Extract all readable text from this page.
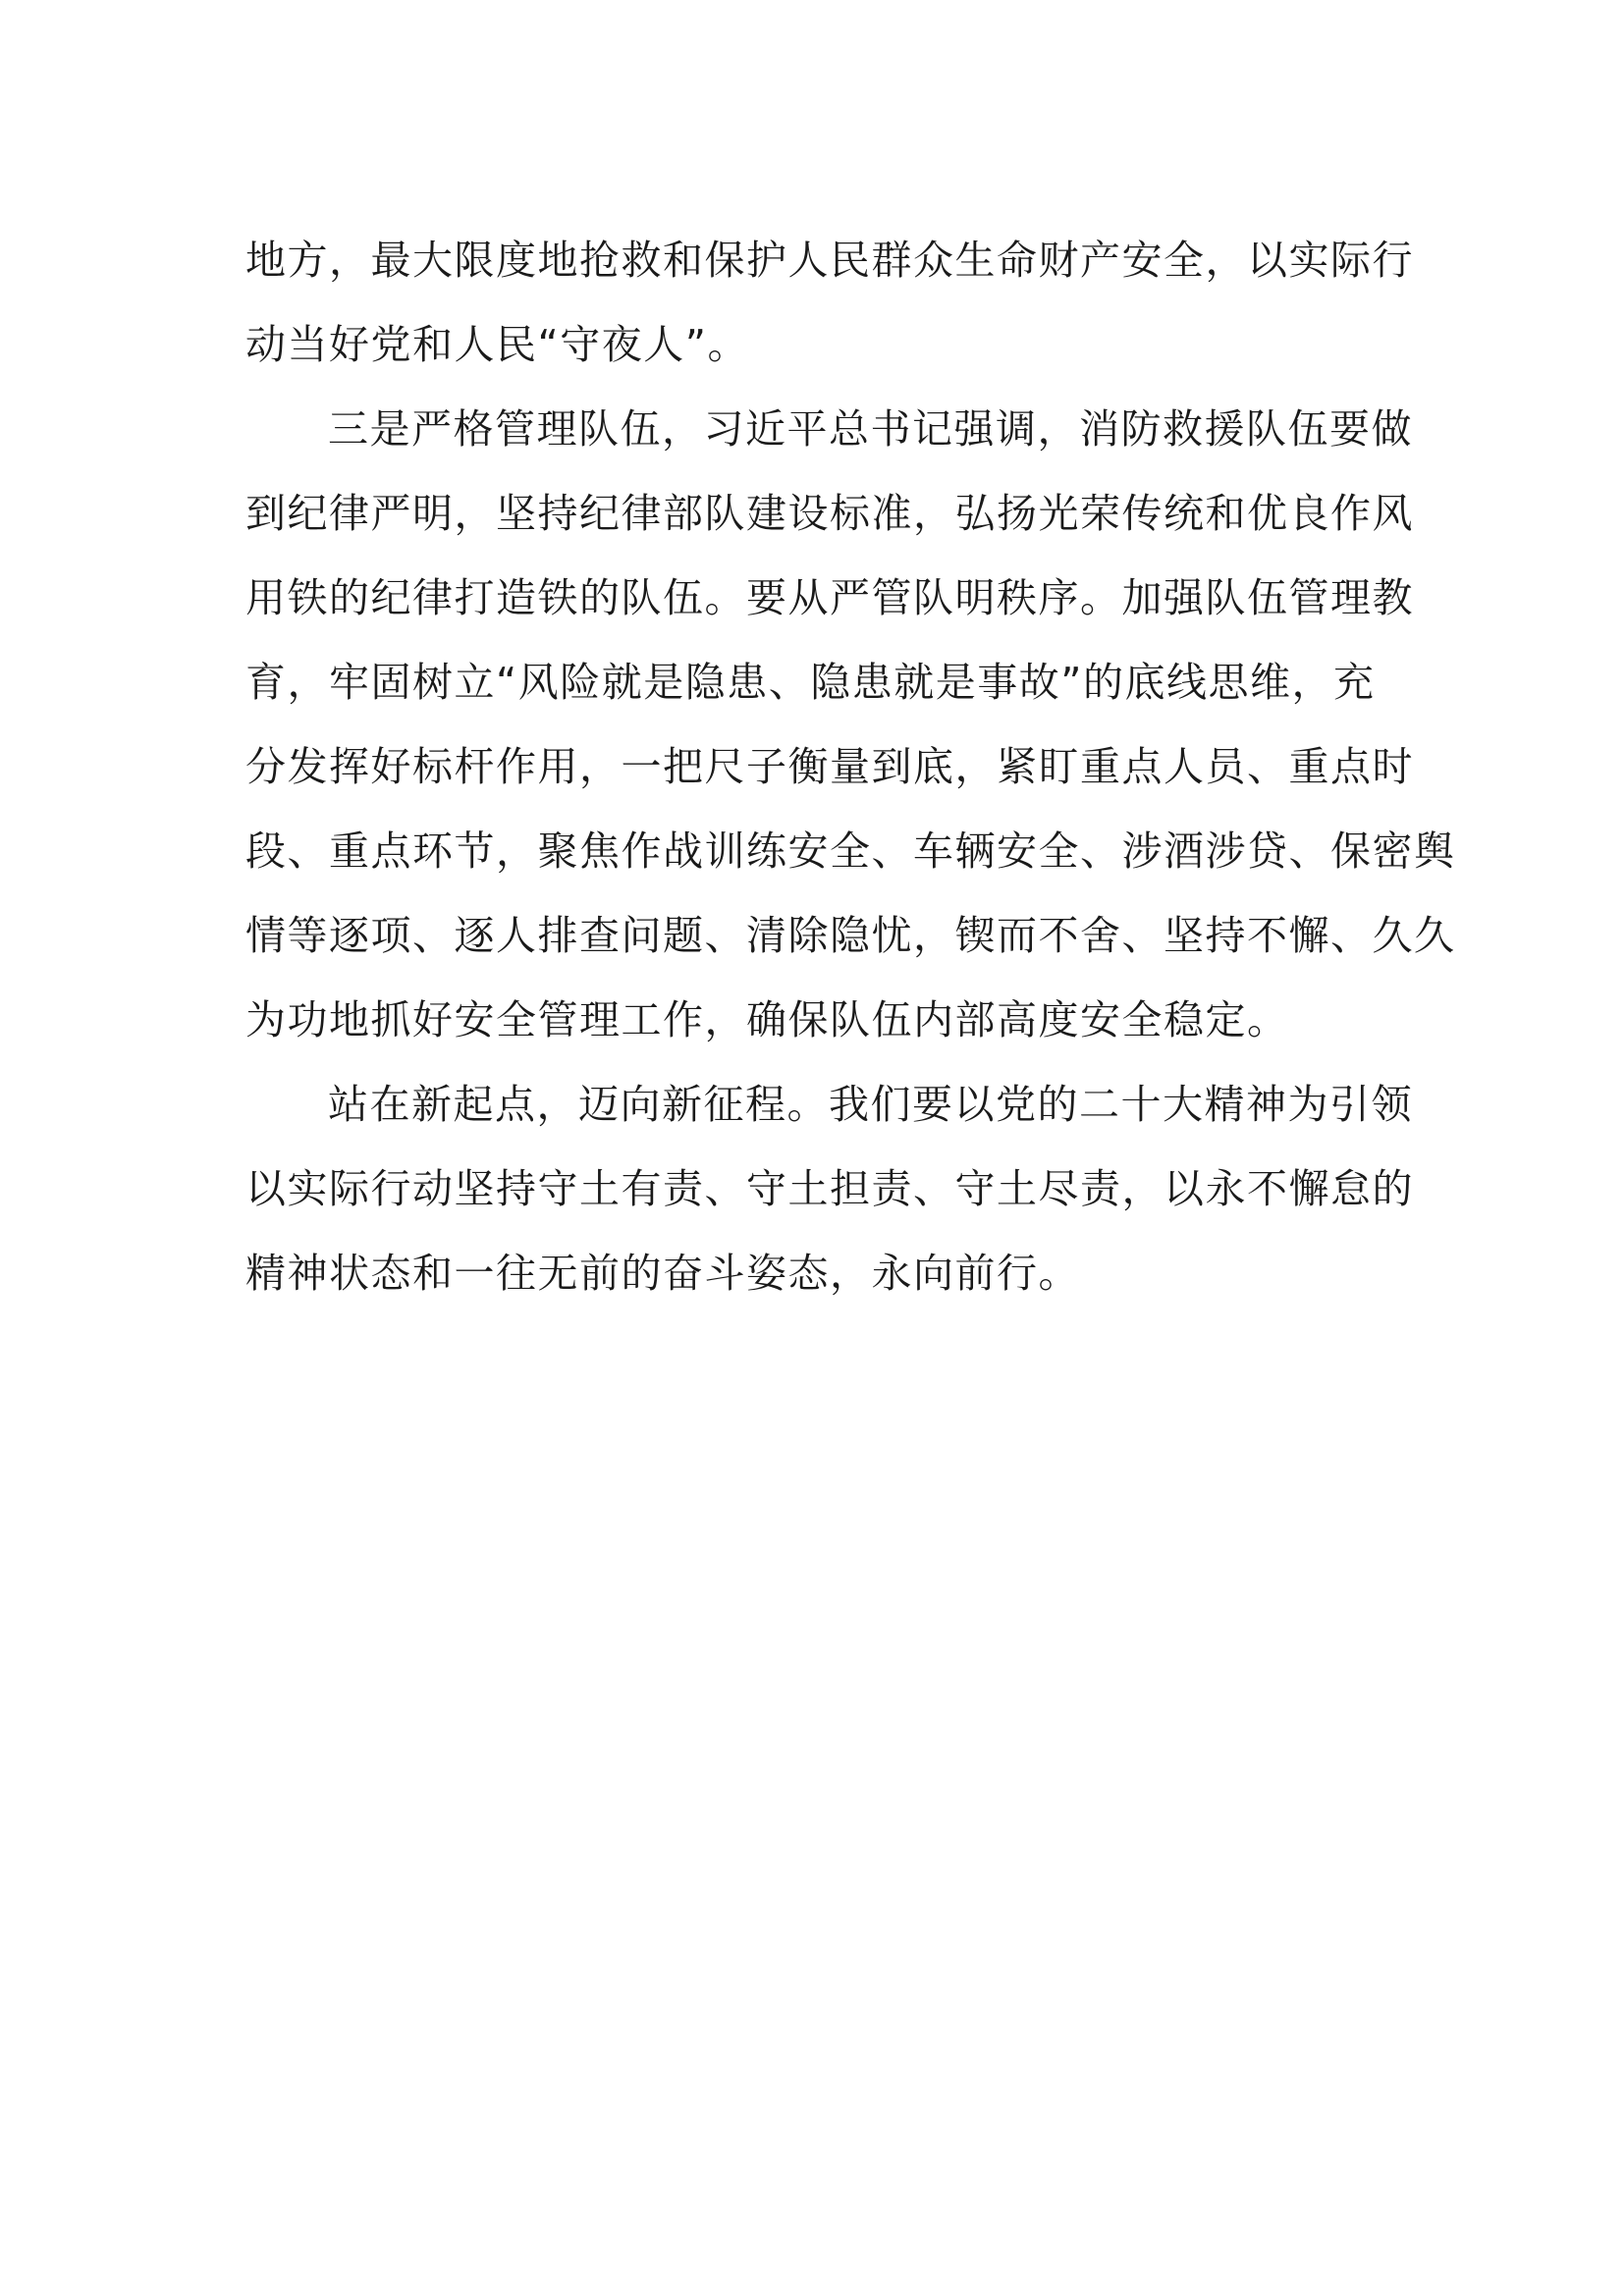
地方，最大限度地抢救和保护人民群众生命财产安全，以实际行
动当好党和人民“守夜人”。
三是严格管理队伍，习近平总书记强调，消防救援队伍要做
到纪律严明，坚持纪律部队建设标准，弘扬光荣传统和优良作风
用铁的纪律打造铁的队伍。要从严管队明秩序。加强队伍管理教
育，牢固树立“风险就是隐患、隐患就是事故”的底线思维，充
分发挥好标杆作用，一把尺子衡量到底，紧盯重点人员、重点时
段、重点环节，聚焦作战训练安全、车辆安全、涉酒涉贷、保密舆
情等逐项、逐人排查问题、清除隐忧，锲而不舍、坚持不懈、久久
为功地抓好安全管理工作，确保队伍内部高度安全稳定。
站在新起点，迈向新征程。我们要以党的二十大精神为引领
以实际行动坚持守土有责、守土担责、守土尽责，以永不懈怠的
精神状态和一往无前的奋斗姿态，永向前行。
